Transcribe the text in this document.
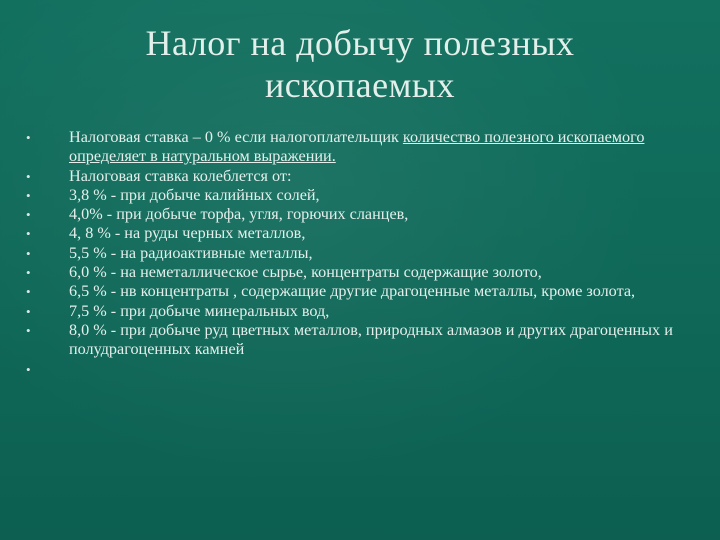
Налог на добычу полезных
ископаемых
•	Налоговая ставка – 0 % если налогоплательщик количество полезного ископаемого определяет в натуральном выражении.
•	Налоговая ставка колеблется от:
•	3,8 % - при добыче калийных солей,
•	4,0% - при добыче торфа, угля, горючих сланцев,
•	4, 8 % - на руды черных металлов,
•	5,5 % - на радиоактивные металлы,
•	6,0 % - на неметаллическое сырье, концентраты содержащие золото,
•	6,5 % - нв концентраты , содержащие другие драгоценные металлы, кроме золота,
•	7,5 % - при добыче минеральных вод,
•	8,0 % - при добыче руд цветных металлов, природных алмазов и других драгоценных и полудрагоценных камней
•
